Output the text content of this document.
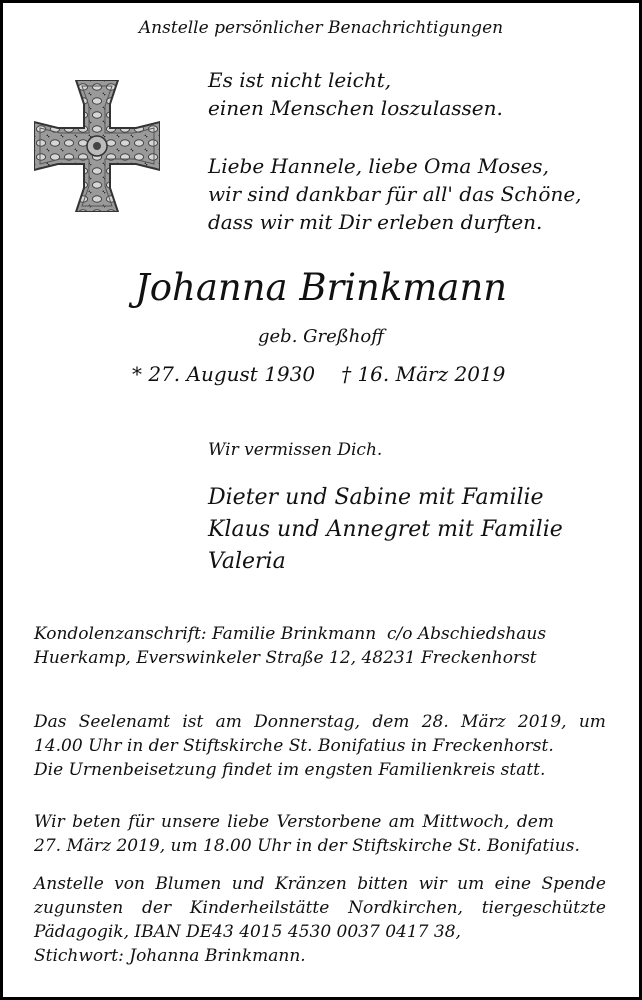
Anstelle persönlicher Benachrichtigungen
Es ist nicht leicht,
einen Menschen loszulassen.
Liebe Hannele, liebe Oma Moses,
wir sind dankbar für all' das Schöne,
dass wir mit Dir erleben durften.
Johanna Brinkmann
geb. Greßhoff
* 27. August 1930 † 16. März 2019
Wir vermissen Dich.
Dieter und Sabine mit Familie
Klaus und Annegret mit Familie
Valeria
Kondolenzanschrift: Familie Brinkmann  c/o Abschiedshaus
Huerkamp, Everswinkeler Straße 12, 48231 Freckenhorst
Das Seelenamt ist am Donnerstag, dem 28. März 2019, um
14.00 Uhr in der Stiftskirche St. Bonifatius in Freckenhorst.
Die Urnenbeisetzung findet im engsten Familienkreis statt.
Wir beten für unsere liebe Verstorbene am Mittwoch, dem
27. März 2019, um 18.00 Uhr in der Stiftskirche St. Bonifatius.
Anstelle von Blumen und Kränzen bitten wir um eine Spende
zugunsten der Kinderheilstätte Nordkirchen, tiergeschützte
Pädagogik, IBAN DE43 4015 4530 0037 0417 38,
Stichwort: Johanna Brinkmann.
